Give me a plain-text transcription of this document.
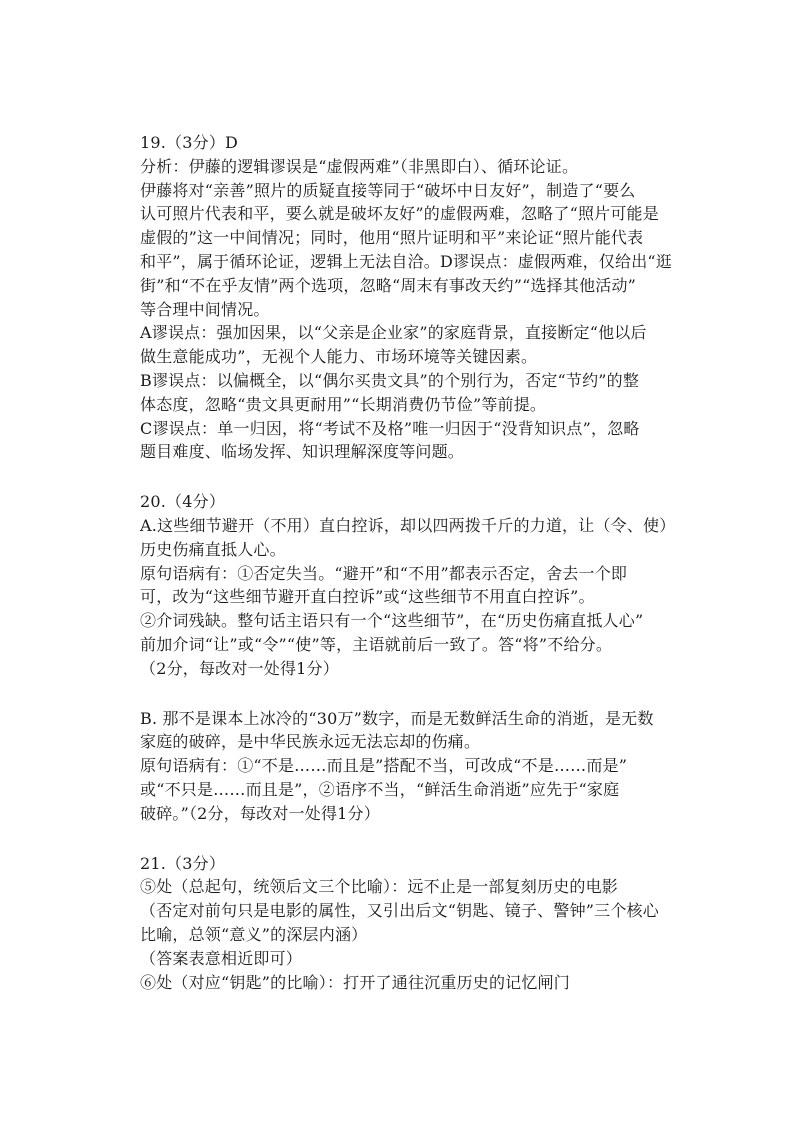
19.（3分）D
分析：伊藤的逻辑谬误是“虚假两难”（非黑即白）、循环论证。
伊藤将对“亲善”照片的质疑直接等同于“破坏中日友好”，制造了“要么
认可照片代表和平，要么就是破坏友好”的虚假两难，忽略了“照片可能是
虚假的”这一中间情况；同时，他用“照片证明和平”来论证“照片能代表
和平”，属于循环论证，逻辑上无法自洽。D谬误点：虚假两难，仅给出“逛
街”和“不在乎友情”两个选项，忽略“周末有事改天约”“选择其他活动”
等合理中间情况。
A谬误点：强加因果，以“父亲是企业家”的家庭背景，直接断定“他以后
做生意能成功”，无视个人能力、市场环境等关键因素。
B谬误点：以偏概全，以“偶尔买贵文具”的个别行为，否定“节约”的整
体态度，忽略“贵文具更耐用”“长期消费仍节俭”等前提。
C谬误点：单一归因，将“考试不及格”唯一归因于“没背知识点”，忽略
题目难度、临场发挥、知识理解深度等问题。
20.（4分）
A.这些细节避开（不用）直白控诉，却以四两拨千斤的力道，让（令、使）
历史伤痛直抵人心。
原句语病有：①否定失当。“避开”和“不用”都表示否定，舍去一个即
可，改为“这些细节避开直白控诉”或“这些细节不用直白控诉”。
②介词残缺。整句话主语只有一个“这些细节”，在“历史伤痛直抵人心”
前加介词“让”或“令”“使”等，主语就前后一致了。答“将”不给分。
（2分，每改对一处得1分）
B. 那不是课本上冰冷的“30万”数字，而是无数鲜活生命的消逝，是无数
家庭的破碎，是中华民族永远无法忘却的伤痛。
原句语病有：①“不是……而且是”搭配不当，可改成“不是……而是”
或“不只是……而且是”，②语序不当，“鲜活生命消逝”应先于“家庭
破碎。”（2分，每改对一处得1分）
21.（3分）
⑤处（总起句，统领后文三个比喻）：远不止是一部复刻历史的电影
（否定对前句只是电影的属性，又引出后文“钥匙、镜子、警钟”三个核心
比喻，总领“意义”的深层内涵）
（答案表意相近即可）
⑥处（对应“钥匙”的比喻）：打开了通往沉重历史的记忆闸门
